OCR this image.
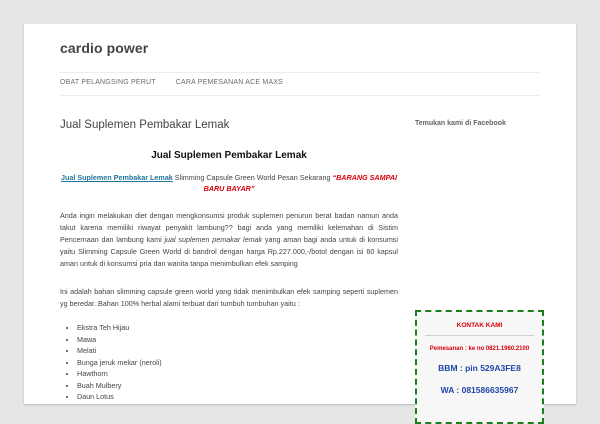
cardio power
OBAT PELANGSING PERUT	CARA PEMESANAN ACE MAXS
Jual Suplemen Pembakar Lemak
Jual Suplemen Pembakar Lemak
Jual Suplemen Pembakar Lemak Slimming Capsule Green World Pesan Sekarang “BARANG SAMPAI BARU BAYAR”
Anda ingin melakukan diet dengan mengkonsumsi produk suplemen penurun berat badan namun anda takut karena memiliki riwayat penyakit lambung?? bagi anda yang memiliki kelemahan di Sistim Pencernaan dan lambung kami jual suplemen pemakar lemak yang aman bagi anda untuk di konsumsi yaitu Slimming Capsule Green World di bandrol dengan harga Rp.227.000,-/botol dengan isi 60 kapsul aman untuk di konsumsi pria dan wanita tanpa menimbulkan efek samping
Ini adalah bahan slimming capsule green world yang tidak menimbulkan efek samping seperti suplemen yg beredar..Bahan 100% herbal alami terbuat dari tumbuh tumbuhan yaitu :
• Ekstra Teh Hijau
• Mawa
• Melati
• Bunga jeruk mekar (neroli)
• Hawthorn
• Buah Mulbery
• Daun Lotus
Temukan kami di Facebook
KONTAK KAMI
Pemesanan : ke no 0821.1960.2100
BBM : pin 529A3FE8
WA : 081586635967
